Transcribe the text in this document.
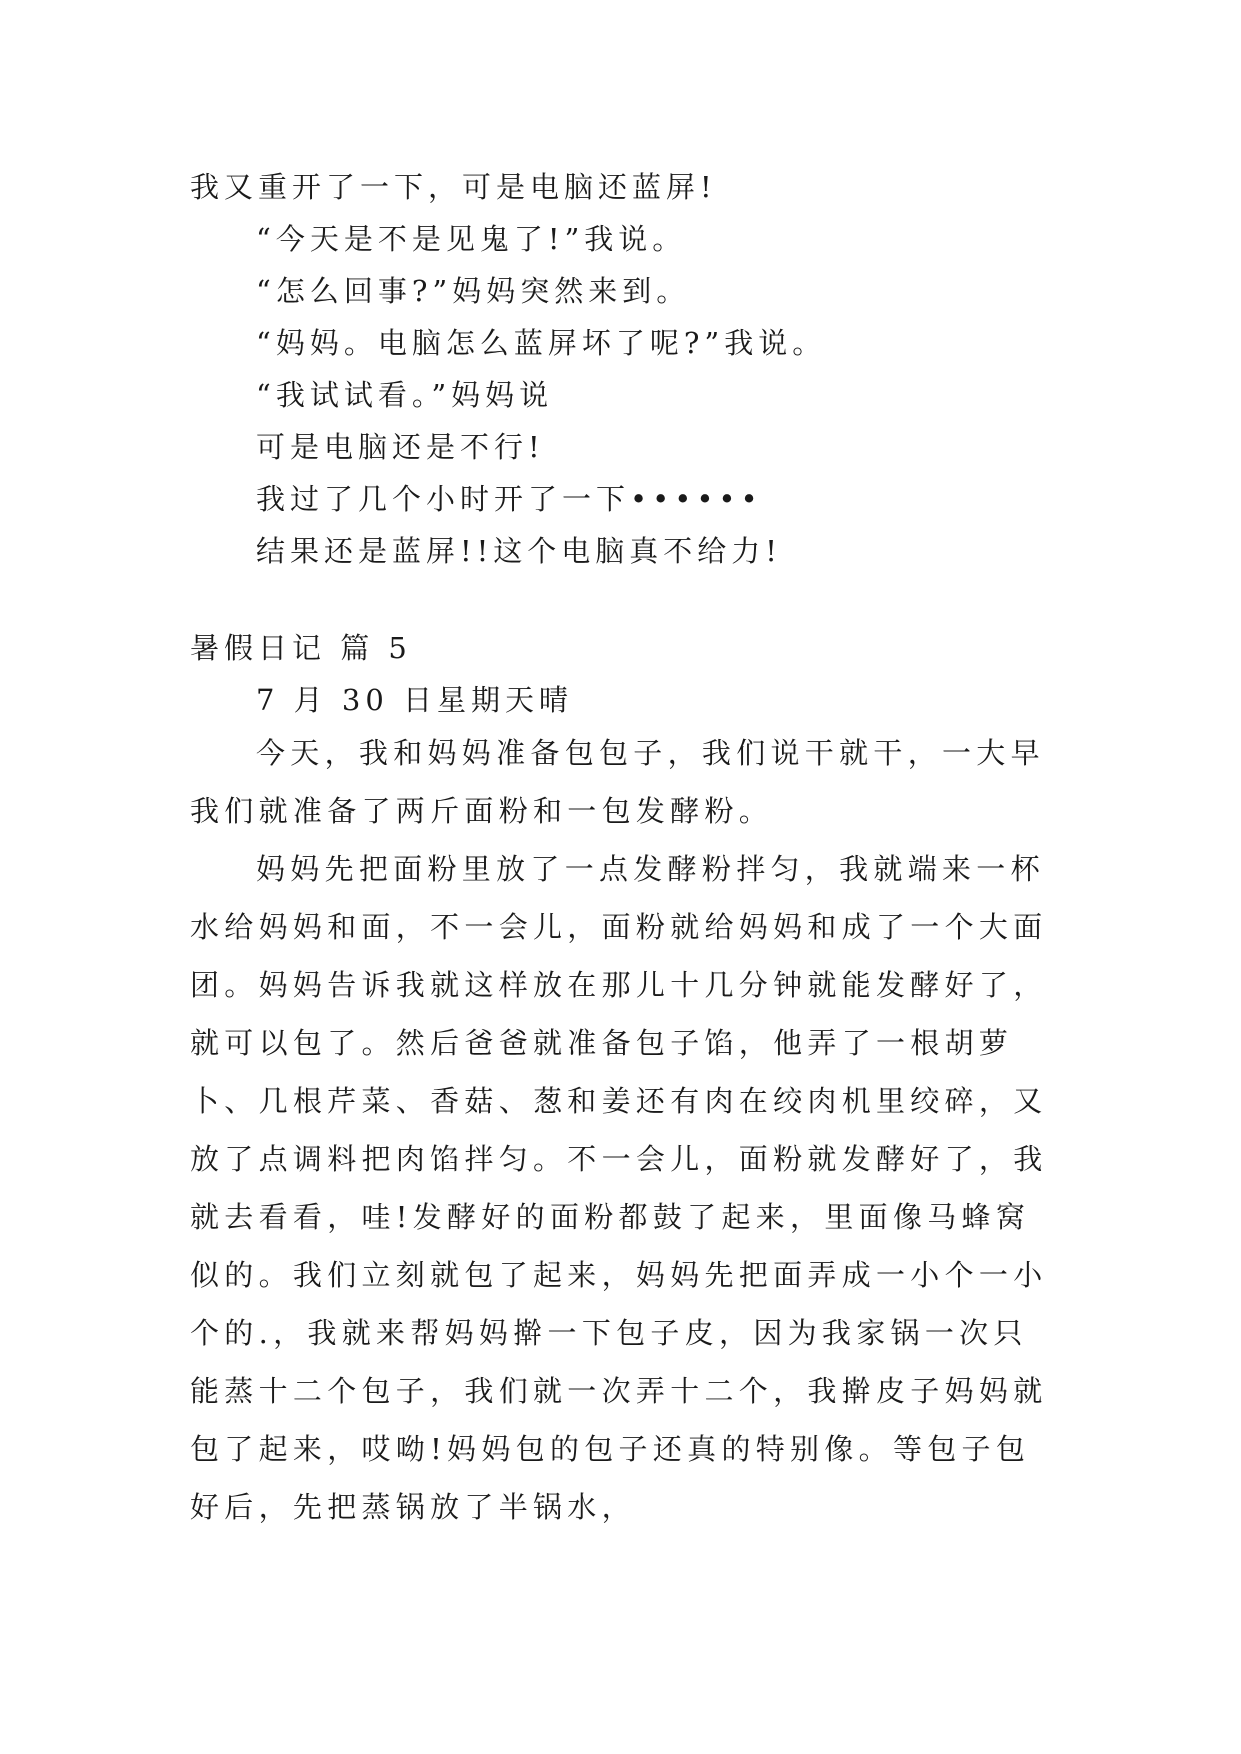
我又重开了一下，可是电脑还蓝屏!

“今天是不是见鬼了!”我说。

“怎么回事?”妈妈突然来到。

“妈妈。电脑怎么蓝屏坏了呢?”我说。

“我试试看。”妈妈说

可是电脑还是不行!

我过了几个小时开了一下••••••

结果还是蓝屏!!这个电脑真不给力!

暑假日记 篇 5

7 月 30 日星期天晴

今天，我和妈妈准备包包子，我们说干就干，一大早我们就准备了两斤面粉和一包发酵粉。

妈妈先把面粉里放了一点发酵粉拌匀，我就端来一杯水给妈妈和面，不一会儿，面粉就给妈妈和成了一个大面团。妈妈告诉我就这样放在那儿十几分钟就能发酵好了，就可以包了。然后爸爸就准备包子馅，他弄了一根胡萝卜、几根芹菜、香菇、葱和姜还有肉在绞肉机里绞碎，又放了点调料把肉馅拌匀。不一会儿，面粉就发酵好了，我就去看看，哇!发酵好的面粉都鼓了起来，里面像马蜂窝似的。我们立刻就包了起来，妈妈先把面弄成一小个一小个的.，我就来帮妈妈擀一下包子皮，因为我家锅一次只能蒸十二个包子，我们就一次弄十二个，我擀皮子妈妈就包了起来，哎呦!妈妈包的包子还真的特别像。等包子包好后，先把蒸锅放了半锅水，
